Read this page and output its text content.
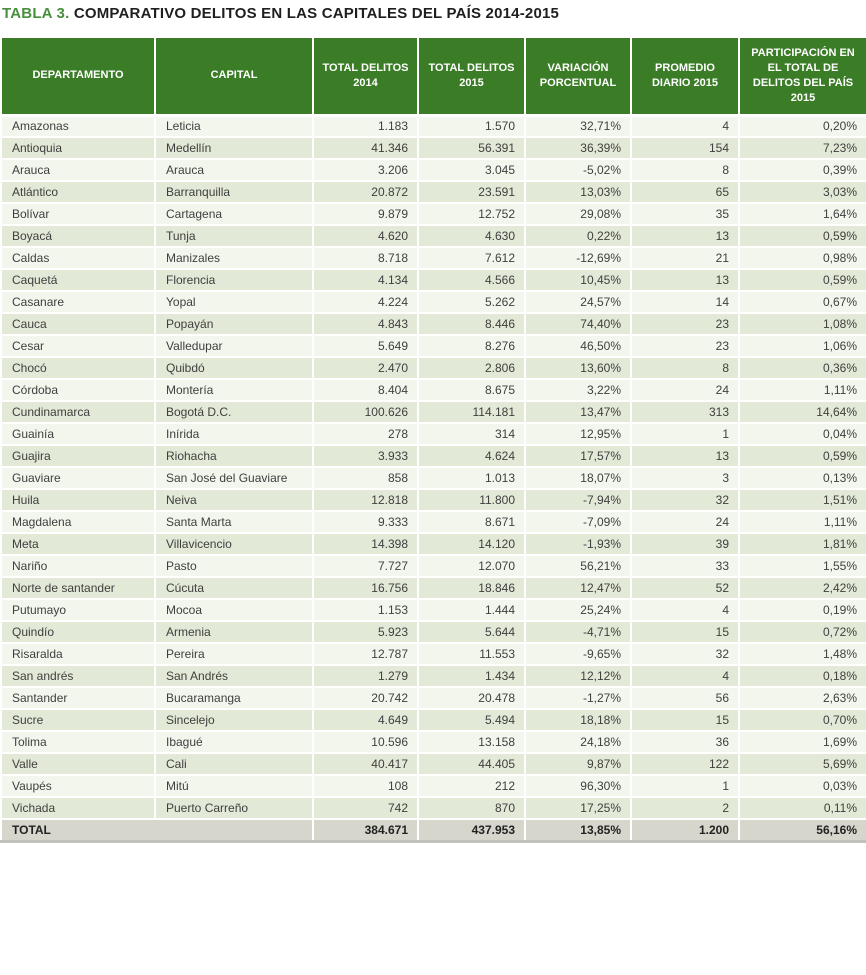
TABLA 3. COMPARATIVO DELITOS EN LAS CAPITALES DEL PAÍS 2014-2015
DEPARTAMENTO	CAPITAL	TOTAL DELITOS 2014	TOTAL DELITOS 2015	VARIACIÓN PORCENTUAL	PROMEDIO DIARIO 2015	PARTICIPACIÓN EN EL TOTAL DE DELITOS DEL PAÍS 2015
Amazonas	Leticia	1.183	1.570	32,71%	4	0,20%
Antioquia	Medellín	41.346	56.391	36,39%	154	7,23%
Arauca	Arauca	3.206	3.045	-5,02%	8	0,39%
Atlántico	Barranquilla	20.872	23.591	13,03%	65	3,03%
Bolívar	Cartagena	9.879	12.752	29,08%	35	1,64%
Boyacá	Tunja	4.620	4.630	0,22%	13	0,59%
Caldas	Manizales	8.718	7.612	-12,69%	21	0,98%
Caquetá	Florencia	4.134	4.566	10,45%	13	0,59%
Casanare	Yopal	4.224	5.262	24,57%	14	0,67%
Cauca	Popayán	4.843	8.446	74,40%	23	1,08%
Cesar	Valledupar	5.649	8.276	46,50%	23	1,06%
Chocó	Quibdó	2.470	2.806	13,60%	8	0,36%
Córdoba	Montería	8.404	8.675	3,22%	24	1,11%
Cundinamarca	Bogotá D.C.	100.626	114.181	13,47%	313	14,64%
Guainía	Inírida	278	314	12,95%	1	0,04%
Guajira	Riohacha	3.933	4.624	17,57%	13	0,59%
Guaviare	San José del Guaviare	858	1.013	18,07%	3	0,13%
Huila	Neiva	12.818	11.800	-7,94%	32	1,51%
Magdalena	Santa Marta	9.333	8.671	-7,09%	24	1,11%
Meta	Villavicencio	14.398	14.120	-1,93%	39	1,81%
Nariño	Pasto	7.727	12.070	56,21%	33	1,55%
Norte de santander	Cúcuta	16.756	18.846	12,47%	52	2,42%
Putumayo	Mocoa	1.153	1.444	25,24%	4	0,19%
Quindío	Armenia	5.923	5.644	-4,71%	15	0,72%
Risaralda	Pereira	12.787	11.553	-9,65%	32	1,48%
San andrés	San Andrés	1.279	1.434	12,12%	4	0,18%
Santander	Bucaramanga	20.742	20.478	-1,27%	56	2,63%
Sucre	Sincelejo	4.649	5.494	18,18%	15	0,70%
Tolima	Ibagué	10.596	13.158	24,18%	36	1,69%
Valle	Cali	40.417	44.405	9,87%	122	5,69%
Vaupés	Mitú	108	212	96,30%	1	0,03%
Vichada	Puerto Carreño	742	870	17,25%	2	0,11%
TOTAL		384.671	437.953	13,85%	1.200	56,16%
